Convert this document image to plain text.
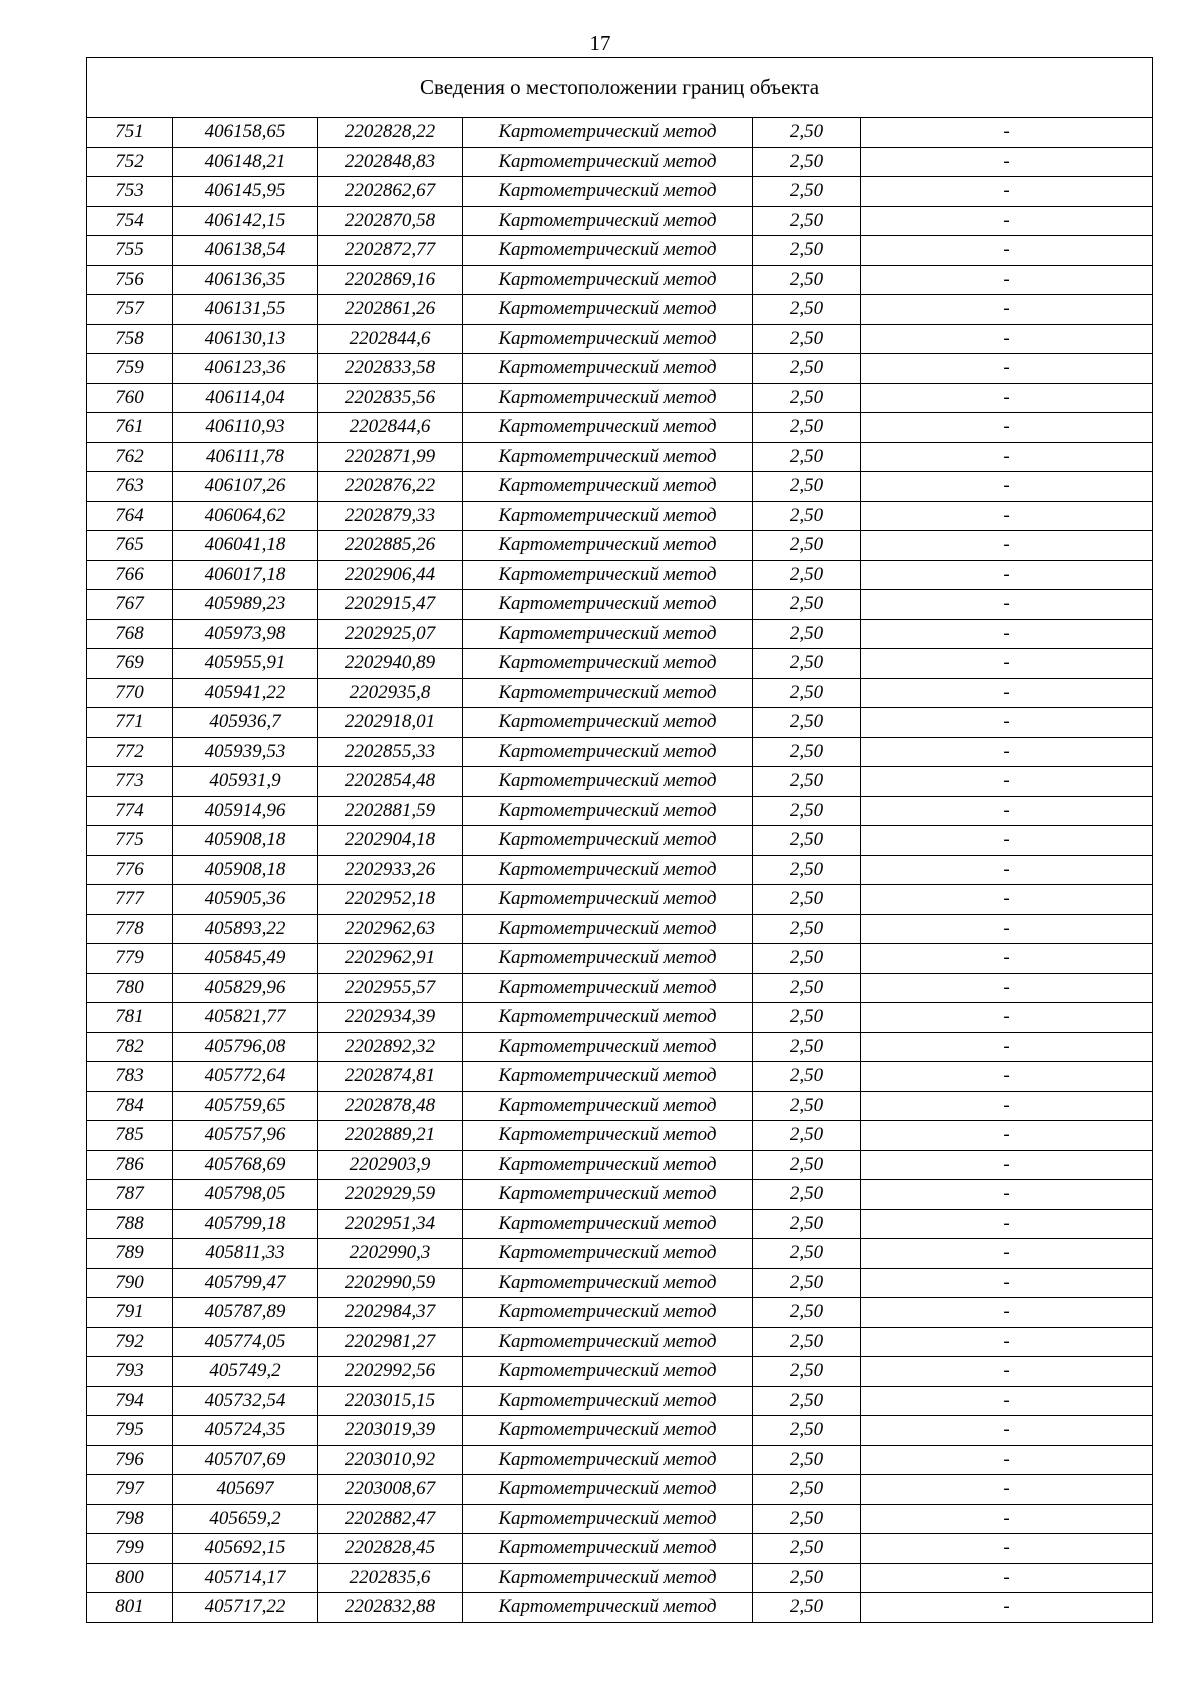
17
Сведения о местоположении границ объекта					
751	406158,65	2202828,22	Картометрический метод	2,50	-
752	406148,21	2202848,83	Картометрический метод	2,50	-
753	406145,95	2202862,67	Картометрический метод	2,50	-
754	406142,15	2202870,58	Картометрический метод	2,50	-
755	406138,54	2202872,77	Картометрический метод	2,50	-
756	406136,35	2202869,16	Картометрический метод	2,50	-
757	406131,55	2202861,26	Картометрический метод	2,50	-
758	406130,13	2202844,6	Картометрический метод	2,50	-
759	406123,36	2202833,58	Картометрический метод	2,50	-
760	406114,04	2202835,56	Картометрический метод	2,50	-
761	406110,93	2202844,6	Картометрический метод	2,50	-
762	406111,78	2202871,99	Картометрический метод	2,50	-
763	406107,26	2202876,22	Картометрический метод	2,50	-
764	406064,62	2202879,33	Картометрический метод	2,50	-
765	406041,18	2202885,26	Картометрический метод	2,50	-
766	406017,18	2202906,44	Картометрический метод	2,50	-
767	405989,23	2202915,47	Картометрический метод	2,50	-
768	405973,98	2202925,07	Картометрический метод	2,50	-
769	405955,91	2202940,89	Картометрический метод	2,50	-
770	405941,22	2202935,8	Картометрический метод	2,50	-
771	405936,7	2202918,01	Картометрический метод	2,50	-
772	405939,53	2202855,33	Картометрический метод	2,50	-
773	405931,9	2202854,48	Картометрический метод	2,50	-
774	405914,96	2202881,59	Картометрический метод	2,50	-
775	405908,18	2202904,18	Картометрический метод	2,50	-
776	405908,18	2202933,26	Картометрический метод	2,50	-
777	405905,36	2202952,18	Картометрический метод	2,50	-
778	405893,22	2202962,63	Картометрический метод	2,50	-
779	405845,49	2202962,91	Картометрический метод	2,50	-
780	405829,96	2202955,57	Картометрический метод	2,50	-
781	405821,77	2202934,39	Картометрический метод	2,50	-
782	405796,08	2202892,32	Картометрический метод	2,50	-
783	405772,64	2202874,81	Картометрический метод	2,50	-
784	405759,65	2202878,48	Картометрический метод	2,50	-
785	405757,96	2202889,21	Картометрический метод	2,50	-
786	405768,69	2202903,9	Картометрический метод	2,50	-
787	405798,05	2202929,59	Картометрический метод	2,50	-
788	405799,18	2202951,34	Картометрический метод	2,50	-
789	405811,33	2202990,3	Картометрический метод	2,50	-
790	405799,47	2202990,59	Картометрический метод	2,50	-
791	405787,89	2202984,37	Картометрический метод	2,50	-
792	405774,05	2202981,27	Картометрический метод	2,50	-
793	405749,2	2202992,56	Картометрический метод	2,50	-
794	405732,54	2203015,15	Картометрический метод	2,50	-
795	405724,35	2203019,39	Картометрический метод	2,50	-
796	405707,69	2203010,92	Картометрический метод	2,50	-
797	405697	2203008,67	Картометрический метод	2,50	-
798	405659,2	2202882,47	Картометрический метод	2,50	-
799	405692,15	2202828,45	Картометрический метод	2,50	-
800	405714,17	2202835,6	Картометрический метод	2,50	-
801	405717,22	2202832,88	Картометрический метод	2,50	-
